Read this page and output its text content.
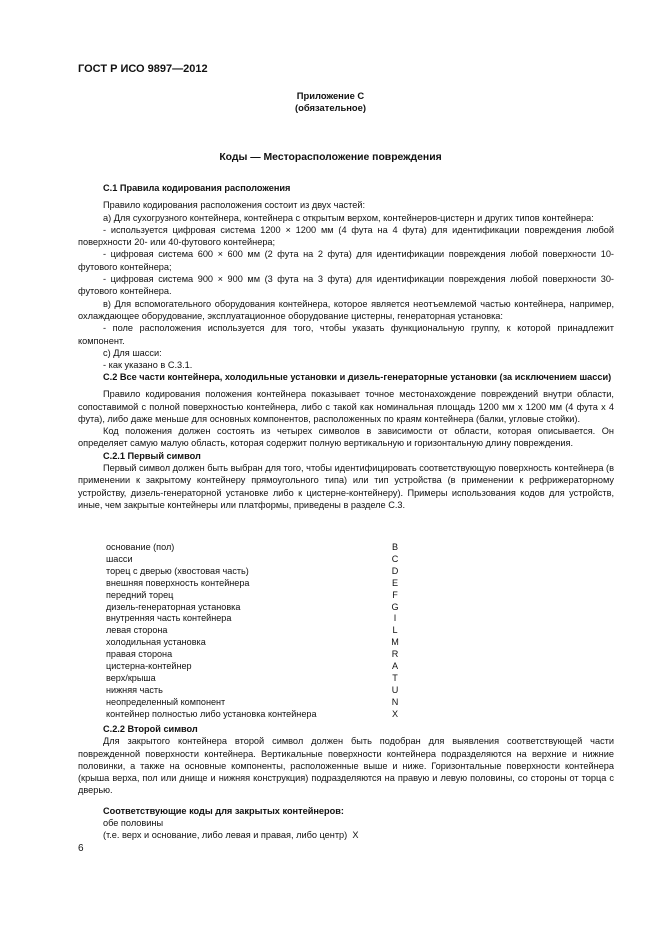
ГОСТ Р ИСО 9897—2012
Приложение С
(обязательное)
Коды — Месторасположение повреждения

С.1 Правила кодирования расположения

Правило кодирования расположения состоит из двух частей:

а) Для сухогрузного контейнера, контейнера с открытым верхом, контейнеров-цистерн и других типов контейнера:

- используется цифровая система 1200 × 1200 мм (4 фута на 4 фута) для идентификации повреждения любой поверхности 20- или 40-футового контейнера;

- цифровая система 600 × 600 мм (2 фута на 2 фута) для идентификации повреждения любой поверхности 10-футового контейнера;

- цифровая система 900 × 900 мм (3 фута на 3 фута) для идентификации повреждения любой поверхности 30-футового контейнера.

в) Для вспомогательного оборудования контейнера, которое является неотъемлемой частью контейнера, например, охлаждающее оборудование, эксплуатационное оборудование цистерны, генераторная установка:

- поле расположения используется для того, чтобы указать функциональную группу, к которой принадлежит компонент.

с) Для шасси:

- как указано в С.3.1.

С.2 Все части контейнера, холодильные установки и дизель-генераторные установки (за исключением шасси)

Правило кодирования положения контейнера показывает точное местонахождение повреждений внутри области, сопоставимой с полной поверхностью контейнера, либо с такой как номинальная площадь 1200 мм х 1200 мм (4 фута х 4 фута), либо даже меньше для основных компонентов, расположенных по краям контейнера (балки, угловые стойки).

Код положения должен состоять из четырех символов в зависимости от области, которая описывается. Он определяет самую малую область, которая содержит полную вертикальную и горизонтальную длину повреждения.

С.2.1 Первый символ

Первый символ должен быть выбран для того, чтобы идентифицировать соответствующую поверхность контейнера (в применении к закрытому контейнеру прямоугольного типа) или тип устройства (в применении к рефрижераторному устройству, дизель-генераторной установке либо к цистерне-контейнеру). Примеры использования кодов для устройств, иные, чем закрытые контейнеры или платформы, приведены в разделе С.3.

основание (пол)	B
шасси	C
торец с дверью (хвостовая часть)	D
внешняя поверхность контейнера	E
передний торец	F
дизель-генераторная установка	G
внутренняя часть контейнера	I
левая сторона	L
холодильная установка	M
правая сторона	R
цистерна-контейнер	A
верх/крыша	T
нижняя часть	U
неопределенный компонент	N
контейнер полностью либо установка контейнера	X

С.2.2 Второй символ

Для закрытого контейнера второй символ должен быть подобран для выявления соответствующей части поврежденной поверхности контейнера. Вертикальные поверхности контейнера подразделяются на верхние и нижние половинки, а также на основные компоненты, расположенные выше и ниже. Горизонтальные поверхности контейнера (крыша верха, пол или днище и нижняя конструкция) подразделяются на правую и левую половины, со стороны от торца с дверью.

Соответствующие коды для закрытых контейнеров:

обе половины

(т.е. верх и основание, либо левая и правая, либо центр) X

6
